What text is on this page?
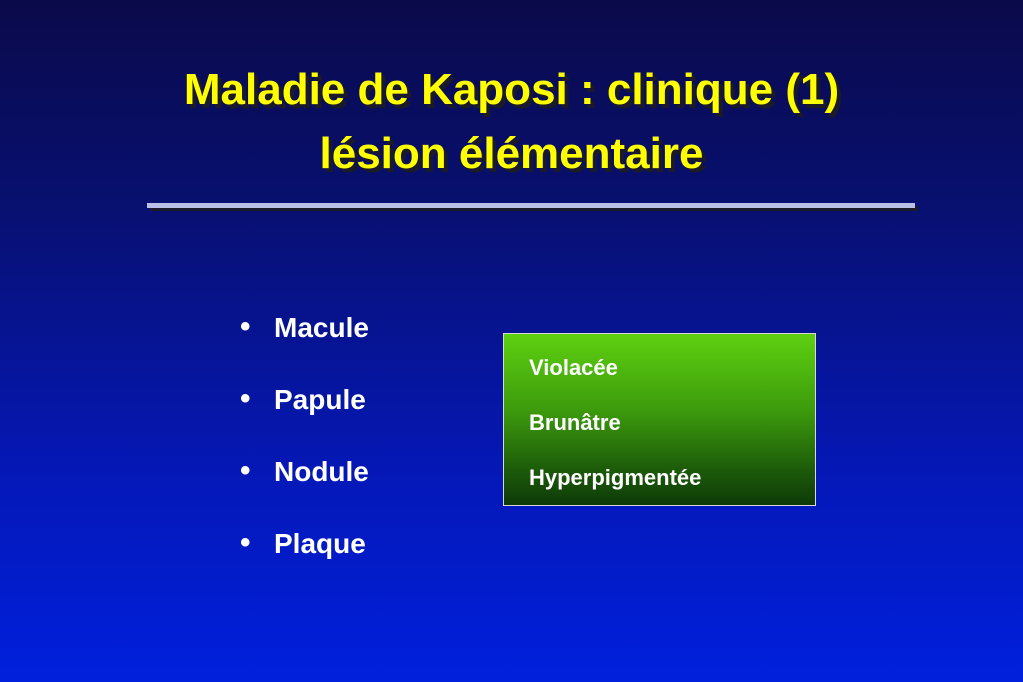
Maladie de Kaposi : clinique (1)
lésion élémentaire
• Macule
• Papule
• Nodule
• Plaque
Violacée
Brunâtre
Hyperpigmentée
